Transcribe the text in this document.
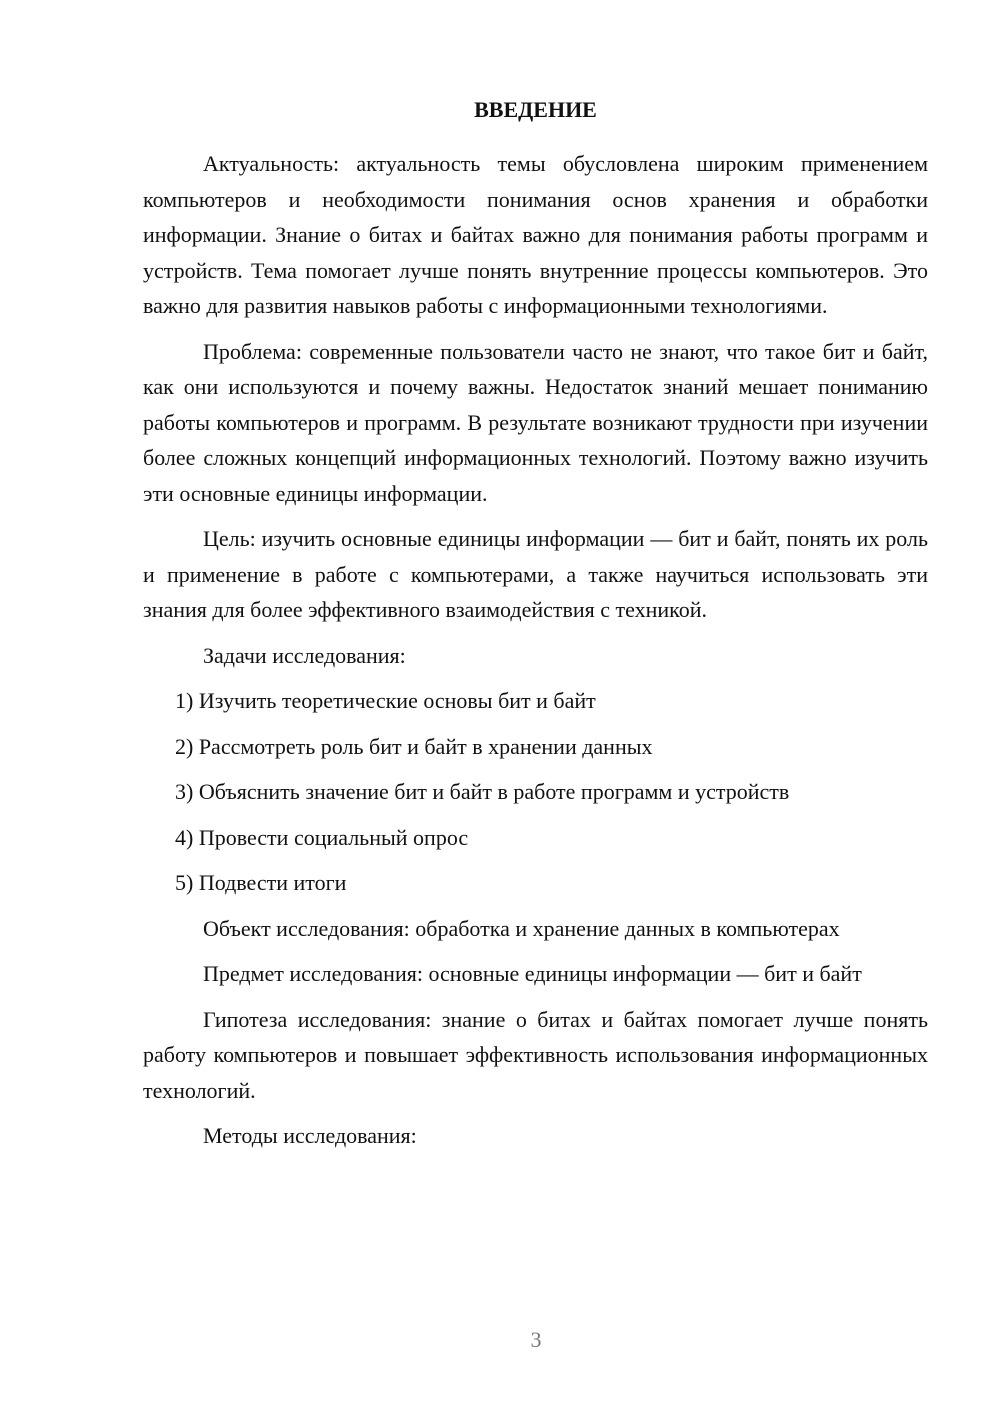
ВВЕДЕНИЕ

Актуальность: актуальность темы обусловлена широким применением компьютеров и необходимости понимания основ хранения и обработки информации. Знание о битах и байтах важно для понимания работы программ и устройств. Тема помогает лучше понять внутренние процессы компьютеров. Это важно для развития навыков работы с информационными технологиями.

Проблема: современные пользователи часто не знают, что такое бит и байт, как они используются и почему важны. Недостаток знаний мешает пониманию работы компьютеров и программ. В результате возникают трудности при изучении более сложных концепций информационных технологий. Поэтому важно изучить эти основные единицы информации.

Цель: изучить основные единицы информации — бит и байт, понять их роль и применение в работе с компьютерами, а также научиться использовать эти знания для более эффективного взаимодействия с техникой.

Задачи исследования:

1) Изучить теоретические основы бит и байт
2) Рассмотреть роль бит и байт в хранении данных
3) Объяснить значение бит и байт в работе программ и устройств
4) Провести социальный опрос
5) Подвести итоги

Объект исследования: обработка и хранение данных в компьютерах

Предмет исследования: основные единицы информации — бит и байт

Гипотеза исследования: знание о битах и байтах помогает лучше понять работу компьютеров и повышает эффективность использования информационных технологий.

Методы исследования:

3
